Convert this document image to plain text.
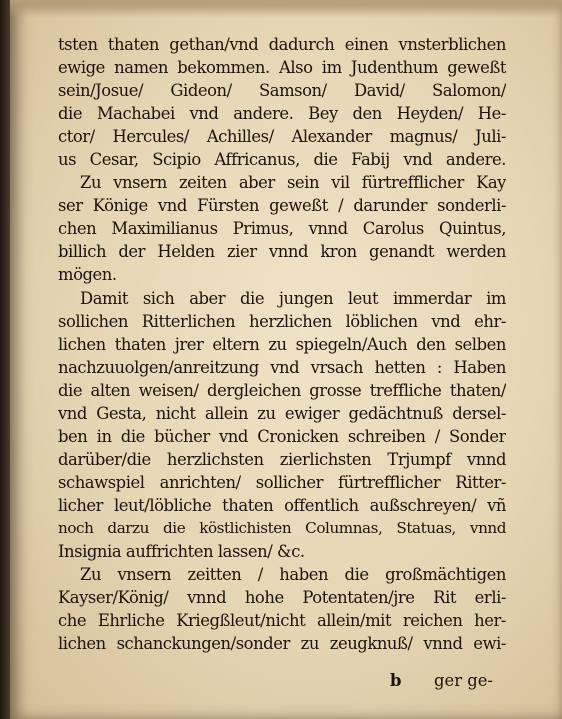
tsten thaten gethan/vnd dadurch einen vnsterblichen
ewige namen bekommen. Also im Judenthum geweßt
sein/Josue/ Gideon/ Samson/ David/ Salomon/
die Machabei vnd andere. Bey den Heyden/ He-
ctor/ Hercules/ Achilles/ Alexander magnus/ Juli-
us Cesar, Scipio Affricanus, die Fabij vnd andere.
Zu vnsern zeiten aber sein vil fürtrefflicher Kay
ser Könige vnd Fürsten geweßt / darunder sonderli-
chen Maximilianus Primus, vnnd Carolus Quintus,
billich der Helden zier vnnd kron genandt werden
mögen.
Damit sich aber die jungen leut immerdar im
sollichen Ritterlichen herzlichen löblichen vnd ehr-
lichen thaten jrer eltern zu spiegeln/Auch den selben
nachzuuolgen/anreitzung vnd vrsach hetten : Haben
die alten weisen/ dergleichen grosse treffliche thaten/
vnd Gesta, nicht allein zu ewiger gedächtnuß dersel-
ben in die bücher vnd Cronicken schreiben / Sonder
darüber/die herzlichsten zierlichsten Trjumpf vnnd
schawspiel anrichten/ sollicher fürtrefflicher Ritter-
licher leut/löbliche thaten offentlich außschreyen/ vñ
noch darzu die köstlichisten Columnas, Statuas, vnnd
Insignia auffrichten lassen/ &c.
Zu vnsern zeitten / haben die großmächtigen
Kayser/König/ vnnd hohe Potentaten/jre Rit erli-
che Ehrliche Kriegßleut/nicht allein/mit reichen her-
lichen schanckungen/sonder zu zeugknuß/ vnnd ewi-
b ger ge-
